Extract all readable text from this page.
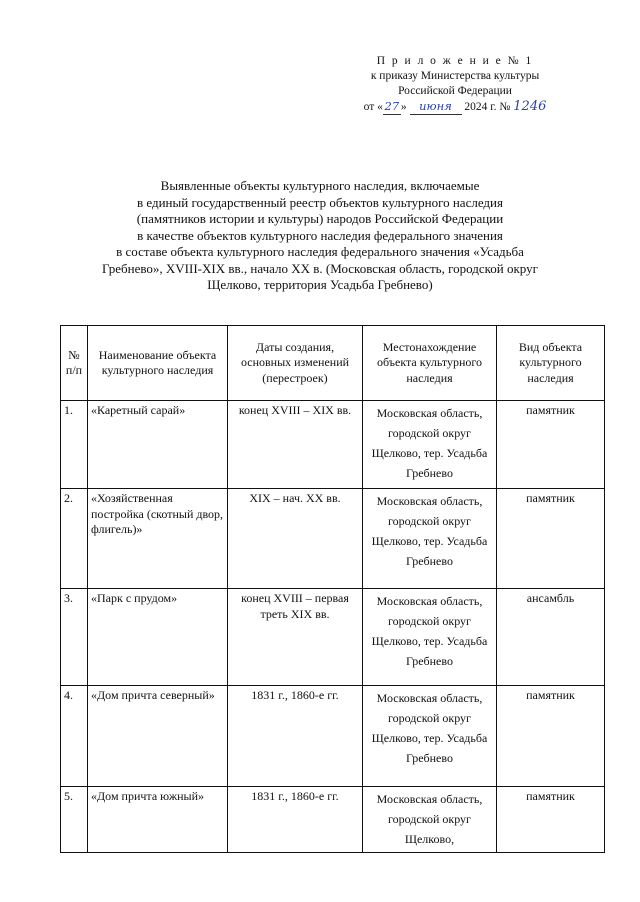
П р и л о ж е н и е № 1
к приказу Министерства культуры
Российской Федерации
от « 27 » июня 2024 г. № 1246
Выявленные объекты культурного наследия, включаемые
в единый государственный реестр объектов культурного наследия
(памятников истории и культуры) народов Российской Федерации
в качестве объектов культурного наследия федерального значения
в составе объекта культурного наследия федерального значения «Усадьба
Гребнево», XVIII-XIX вв., начало XX в. (Московская область, городской округ
Щелково, территория Усадьба Гребнево)
№ п/п	Наименование объекта культурного наследия	Даты создания, основных изменений (перестроек)	Местонахождение объекта культурного наследия	Вид объекта культурного наследия
1.	«Каретный сарай»	конец XVIII – XIX вв.	Московская область, городской округ Щелково, тер. Усадьба Гребнево	памятник
2.	«Хозяйственная постройка (скотный двор, флигель)»	XIX – нач. XX вв.	Московская область, городской округ Щелково, тер. Усадьба Гребнево	памятник
3.	«Парк с прудом»	конец XVIII – первая треть XIX вв.	Московская область, городской округ Щелково, тер. Усадьба Гребнево	ансамбль
4.	«Дом причта северный»	1831 г., 1860-е гг.	Московская область, городской округ Щелково, тер. Усадьба Гребнево	памятник
5.	«Дом причта южный»	1831 г., 1860-е гг.	Московская область, городской округ Щелково,	памятник
